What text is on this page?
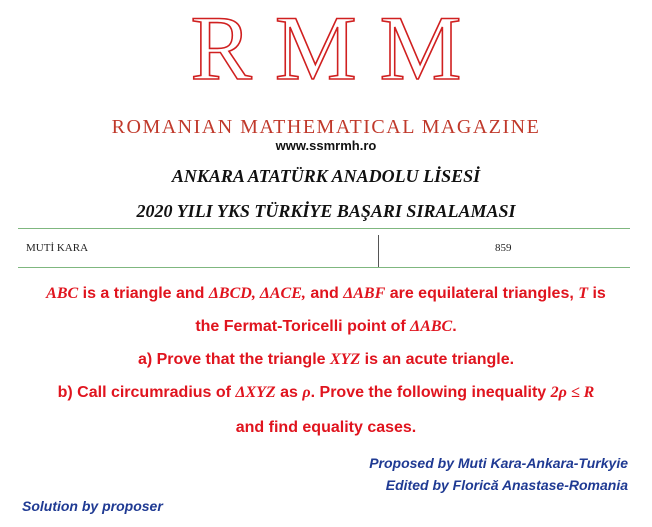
R M M
ROMANIAN MATHEMATICAL MAGAZINE
www.ssmrmh.ro
ANKARA ATATÜRK ANADOLU LİSESİ
2020 YILI YKS TÜRKİYE BAŞARI SIRALAMASI
MUTİ KARA	859
ABC is a triangle and ΔBCD, ΔACE, and ΔABF are equilateral triangles, T is
the Fermat-Toricelli point of ΔABC.
a) Prove that the triangle XYZ is an acute triangle.
b) Call circumradius of ΔXYZ as ρ. Prove the following inequality 2ρ ≤ R
and find equality cases.
Proposed by Muti Kara-Ankara-Turkyie
Edited by Florică Anastase-Romania
Solution by proposer
